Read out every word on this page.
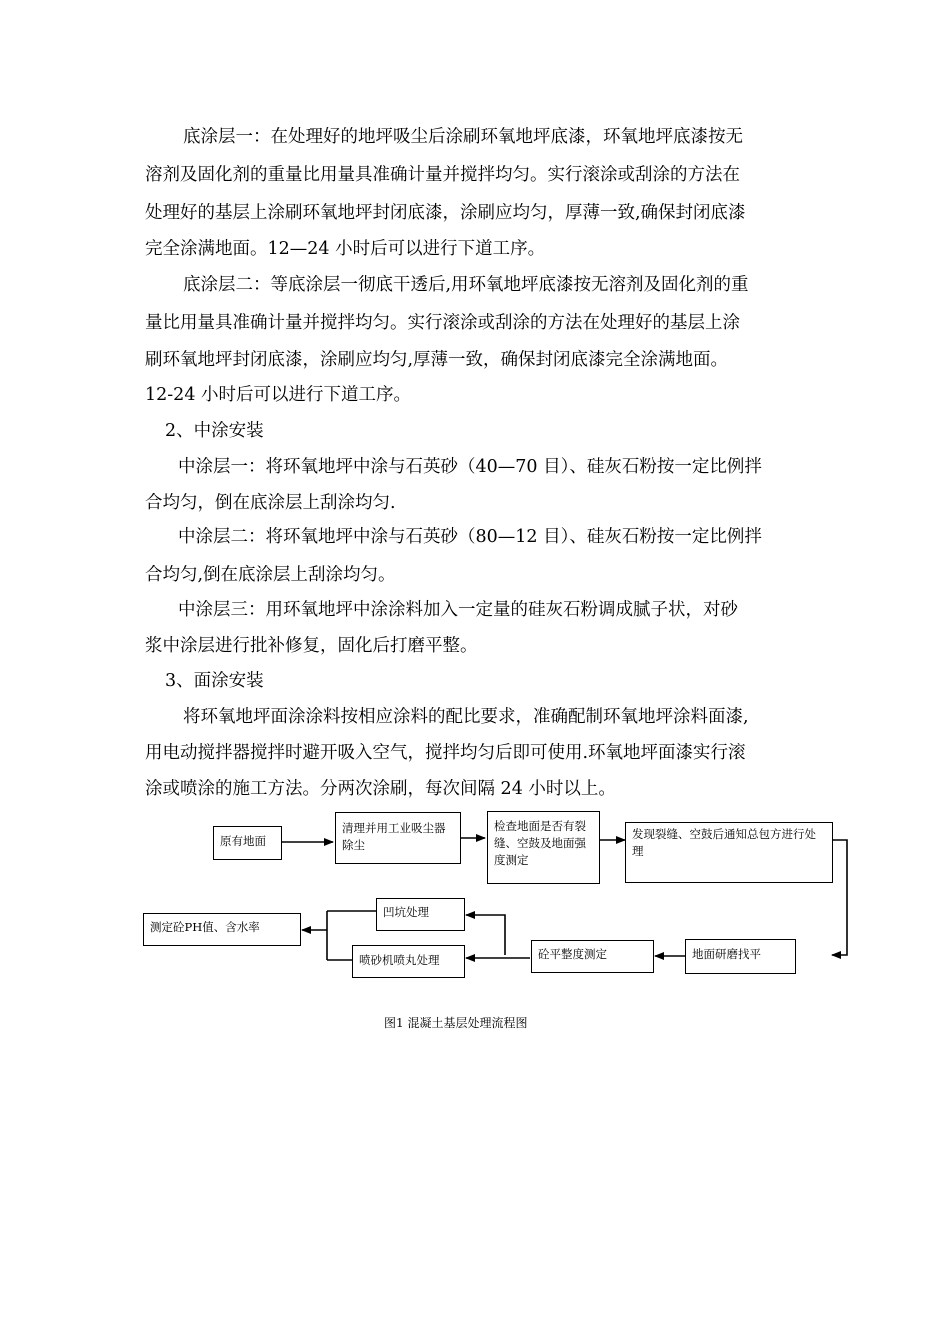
底涂层一：在处理好的地坪吸尘后涂刷环氧地坪底漆，环氧地坪底漆按无
溶剂及固化剂的重量比用量具准确计量并搅拌均匀。实行滚涂或刮涂的方法在
处理好的基层上涂刷环氧地坪封闭底漆，涂刷应均匀，厚薄一致,确保封闭底漆
完全涂满地面。12—24 小时后可以进行下道工序。
底涂层二：等底涂层一彻底干透后,用环氧地坪底漆按无溶剂及固化剂的重
量比用量具准确计量并搅拌均匀。实行滚涂或刮涂的方法在处理好的基层上涂
刷环氧地坪封闭底漆，涂刷应均匀,厚薄一致，确保封闭底漆完全涂满地面。
12-24 小时后可以进行下道工序。
2、中涂安装
中涂层一：将环氧地坪中涂与石英砂（40—70 目）、硅灰石粉按一定比例拌
合均匀，倒在底涂层上刮涂均匀.
中涂层二：将环氧地坪中涂与石英砂（80—12 目）、硅灰石粉按一定比例拌
合均匀,倒在底涂层上刮涂均匀。
中涂层三：用环氧地坪中涂涂料加入一定量的硅灰石粉调成腻子状，对砂
浆中涂层进行批补修复，固化后打磨平整。
3、面涂安装
将环氧地坪面涂涂料按相应涂料的配比要求，准确配制环氧地坪涂料面漆,
用电动搅拌器搅拌时避开吸入空气，搅拌均匀后即可使用.环氧地坪面漆实行滚
涂或喷涂的施工方法。分两次涂刷，每次间隔 24 小时以上。
原有地面
清理并用工业吸尘器除尘
检查地面是否有裂缝、空鼓及地面强度测定
发现裂缝、空鼓后通知总包方进行处理
地面研磨找平
砼平整度测定
凹坑处理
喷砂机喷丸处理
测定砼PH值、含水率
图1 混凝土基层处理流程图
